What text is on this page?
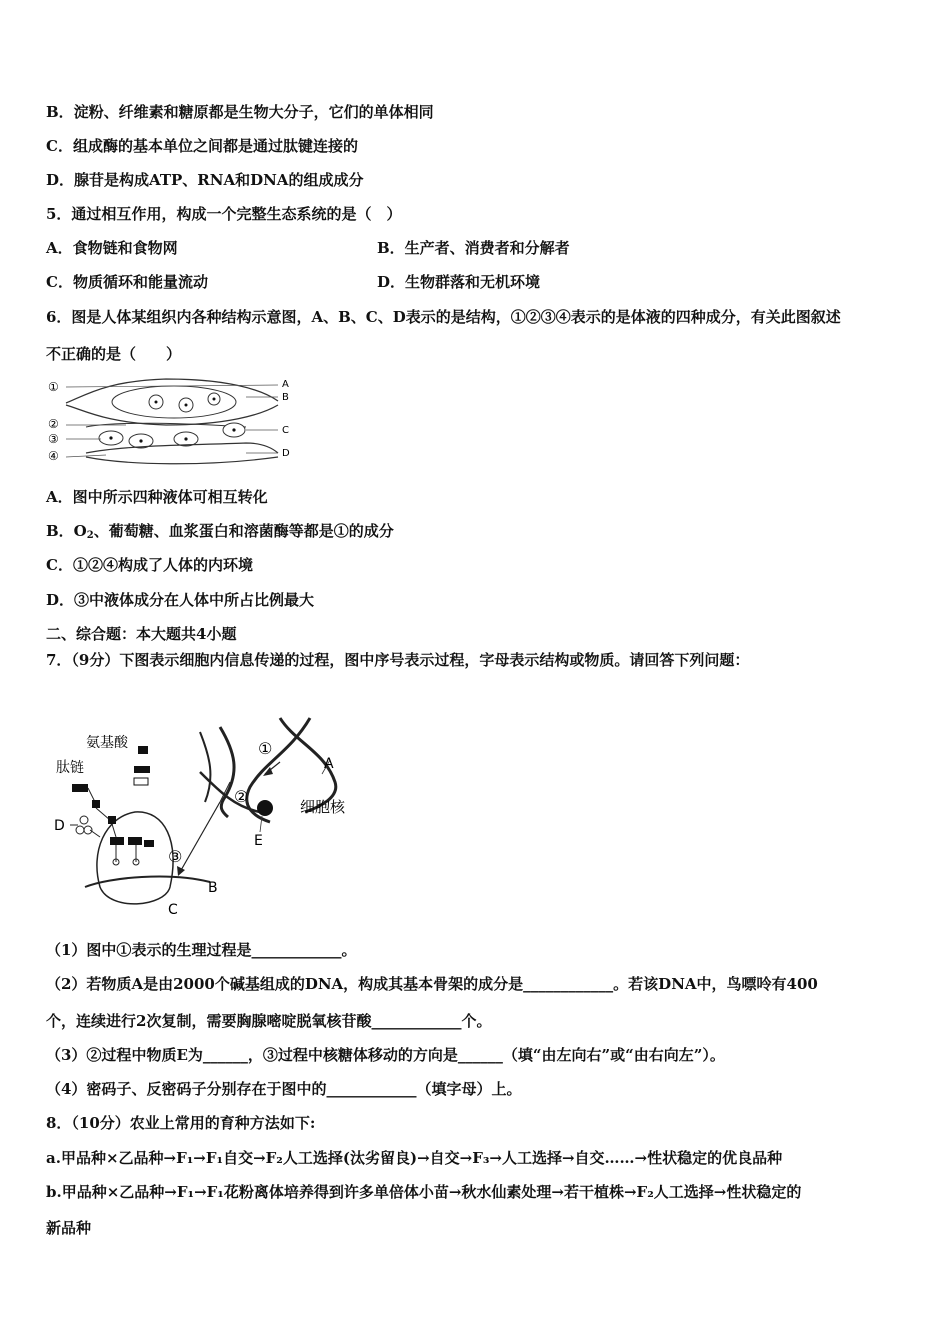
B．淀粉、纤维素和糖原都是生物大分子，它们的单体相同
C．组成酶的基本单位之间都是通过肽键连接的
D．腺苷是构成ATP、RNA和DNA的组成成分
5．通过相互作用，构成一个完整生态系统的是（　）
A．食物链和食物网	B．生产者、消费者和分解者
C．物质循环和能量流动	D．生物群落和无机环境
6．图是人体某组织内各种结构示意图，A、B、C、D表示的是结构，①②③④表示的是体液的四种成分，有关此图叙述
不正确的是（　　）
①
②
③
④
A
B
C
D
A．图中所示四种液体可相互转化
B．$O_2$、葡萄糖、血浆蛋白和溶菌酶等都是①的成分
C．①②④构成了人体的内环境
D．③中液体成分在人体中所占比例最大
二、综合题：本大题共4小题
7．（9分）下图表示细胞内信息传递的过程，图中序号表示过程，字母表示结构或物质。请回答下列问题：
氨基酸
肽链
①
②
③
A
B
C
D
E
细胞核
（1）图中①表示的生理过程是____________。
（2）若物质A是由2000个碱基组成的DNA，构成其基本骨架的成分是____________。若该DNA中，鸟嘌呤有400
个，连续进行2次复制，需要胸腺嘧啶脱氧核苷酸____________个。
（3）②过程中物质E为______，③过程中核糖体移动的方向是______（填“由左向右”或“由右向左”）。
（4）密码子、反密码子分别存在于图中的____________（填字母）上。
8．（10分）农业上常用的育种方法如下:
a.甲品种×乙品种→F₁→F₁自交→F₂人工选择(汰劣留良)→自交→F₃→人工选择→自交……→性状稳定的优良品种
b.甲品种×乙品种→F₁→F₁花粉离体培养得到许多单倍体小苗→秋水仙素处理→若干植株→F₂人工选择→性状稳定的
新品种
